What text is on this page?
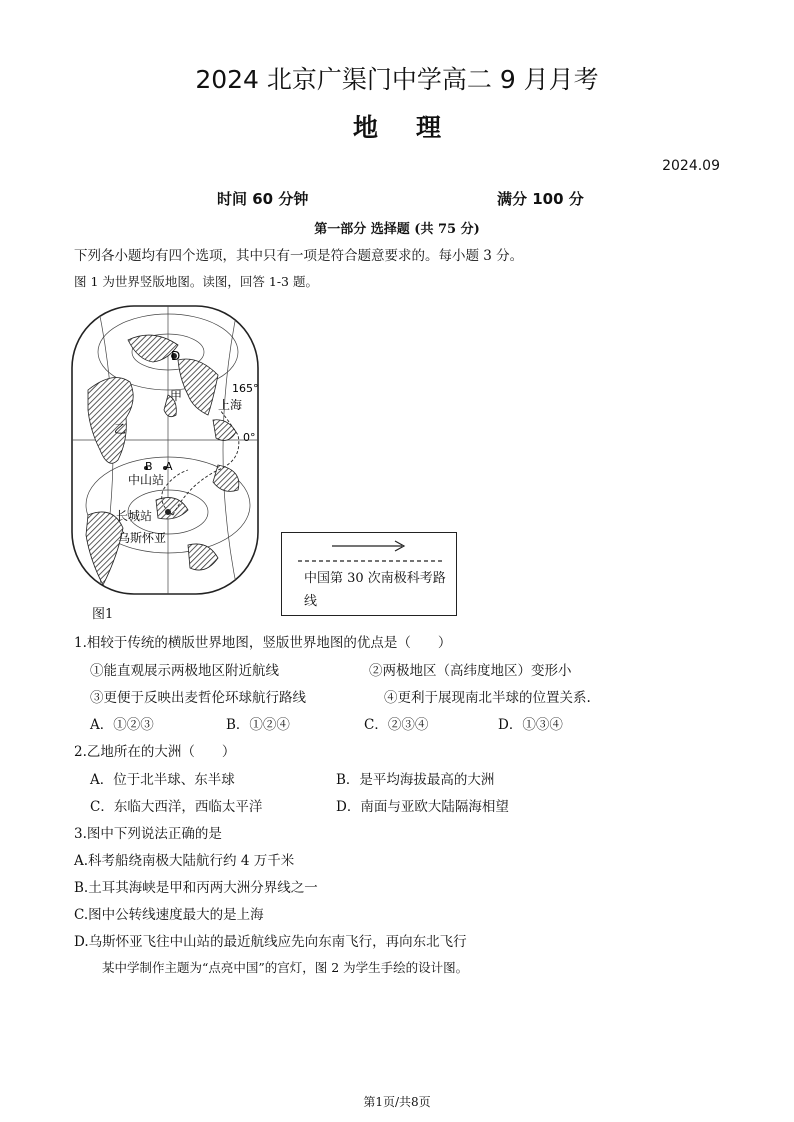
2024 北京广渠门中学高二 9 月月考
地理
2024.09
时间 60 分钟	满分 100 分
第一部分 选择题 (共 75 分)
下列各小题均有四个选项，其中只有一项是符合题意要求的。每小题 3 分。
图 1 为世界竖版地图。读图，回答 1-3 题。
D
甲
乙
B A
165°
0°
上海
中山站
长城站
乌斯怀亚
图1
中国第 30 次南极科考路线
1.相较于传统的横版世界地图，竖版世界地图的优点是（　　）
①能直观展示两极地区附近航线	②两极地区（高纬度地区）变形小
③更便于反映出麦哲伦环球航行路线	④更利于展现南北半球的位置关系.
A．①②③	B．①②④	C．②③④	D．①③④
2.乙地所在的大洲（　　）
A．位于北半球、东半球	B．是平均海拔最高的大洲
C．东临大西洋，西临太平洋	D．南面与亚欧大陆隔海相望
3.图中下列说法正确的是
A.科考船绕南极大陆航行约 4 万千米
B.土耳其海峡是甲和丙两大洲分界线之一
C.图中公转线速度最大的是上海
D.乌斯怀亚飞往中山站的最近航线应先向东南飞行，再向东北飞行
某中学制作主题为“点亮中国”的宫灯，图 2 为学生手绘的设计图。
第1页/共8页
